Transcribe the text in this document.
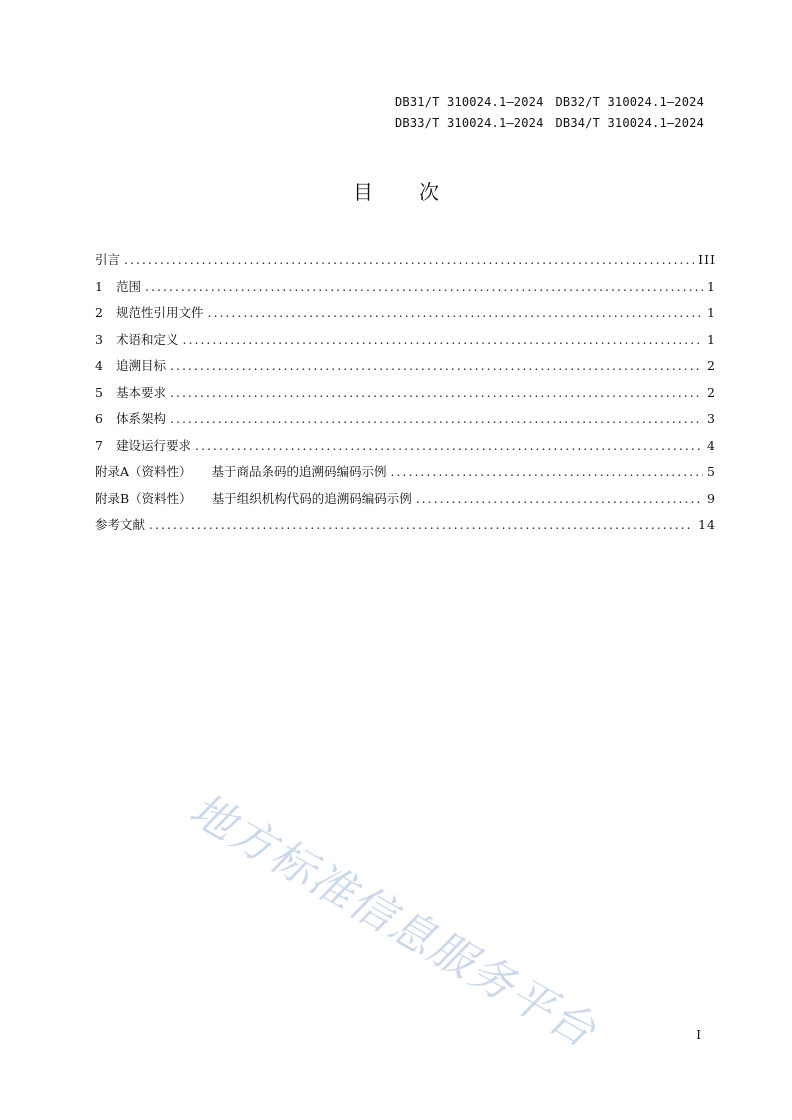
DB31/T 310024.1—2024 DB32/T 310024.1—2024
DB33/T 310024.1—2024 DB34/T 310024.1—2024
目 次
引言 .....	III
1	范围 .....	1
2	规范性引用文件 .....	1
3	术语和定义 .....	1
4	追溯目标 .....	2
5	基本要求 .....	2
6	体系架构 .....	3
7	建设运行要求 .....	4
附录A（资料性） 基于商品条码的追溯码编码示例 .....	5
附录B（资料性） 基于组织机构代码的追溯码编码示例 .....	9
参考文献 .....	14
地方标准信息服务平台	I
